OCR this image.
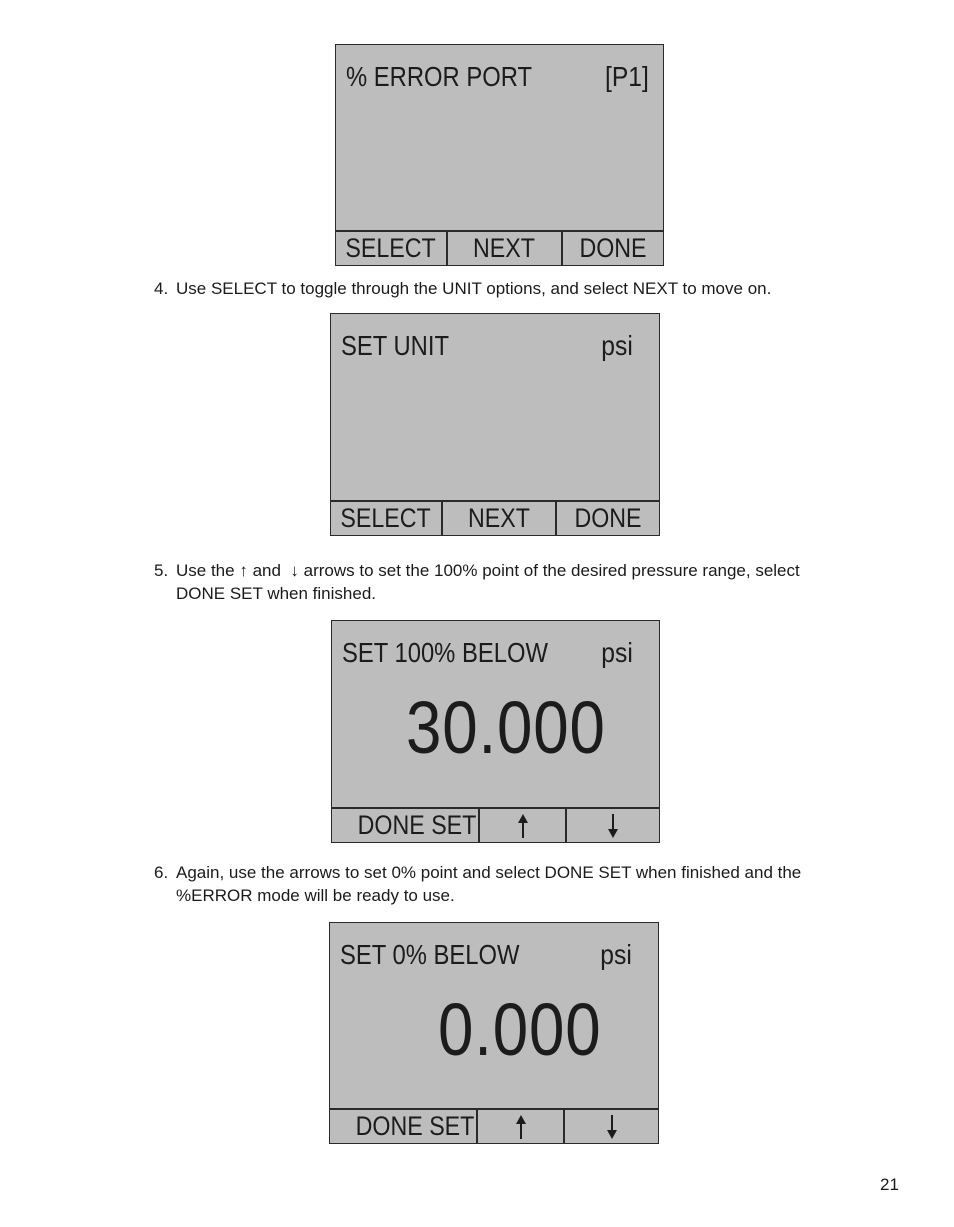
% ERROR PORT	[P1]
SELECT NEXT DONE
4. Use SELECT to toggle through the UNIT options, and select NEXT to move on.
SET UNIT	psi
SELECT NEXT DONE
5. Use the ↑ and ↓ arrows to set the 100% point of the desired pressure range, select
DONE SET when finished.
SET 100% BELOW psi
30.000
DONE SET
6. Again, use the arrows to set 0% point and select DONE SET when finished and the
%ERROR mode will be ready to use.
SET 0% BELOW	psi
0.000
DONE SET
21
